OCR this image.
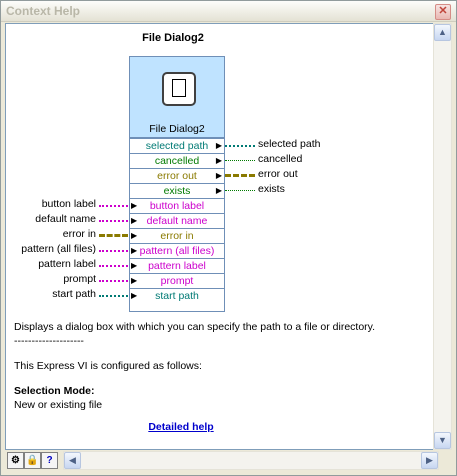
Context Help	✕
File Dialog2
File Dialog2
selected path ▶
cancelled ▶
error out ▶
exists	▶
▶ button label
▶ default name
▶ error in
▶ pattern (all files)
▶ pattern label
▶ prompt
▶ start path
selected path
cancelled
error out
exists
button label
default name
error in
pattern (all files)
pattern label
prompt
start path
Displays a dialog box with which you can specify the path to a file or directory.
--------------------
This Express VI is configured as follows:
Selection Mode:
New or existing file
Detailed help
▲
▼
⚙ 🔒 ?	◀	▶
